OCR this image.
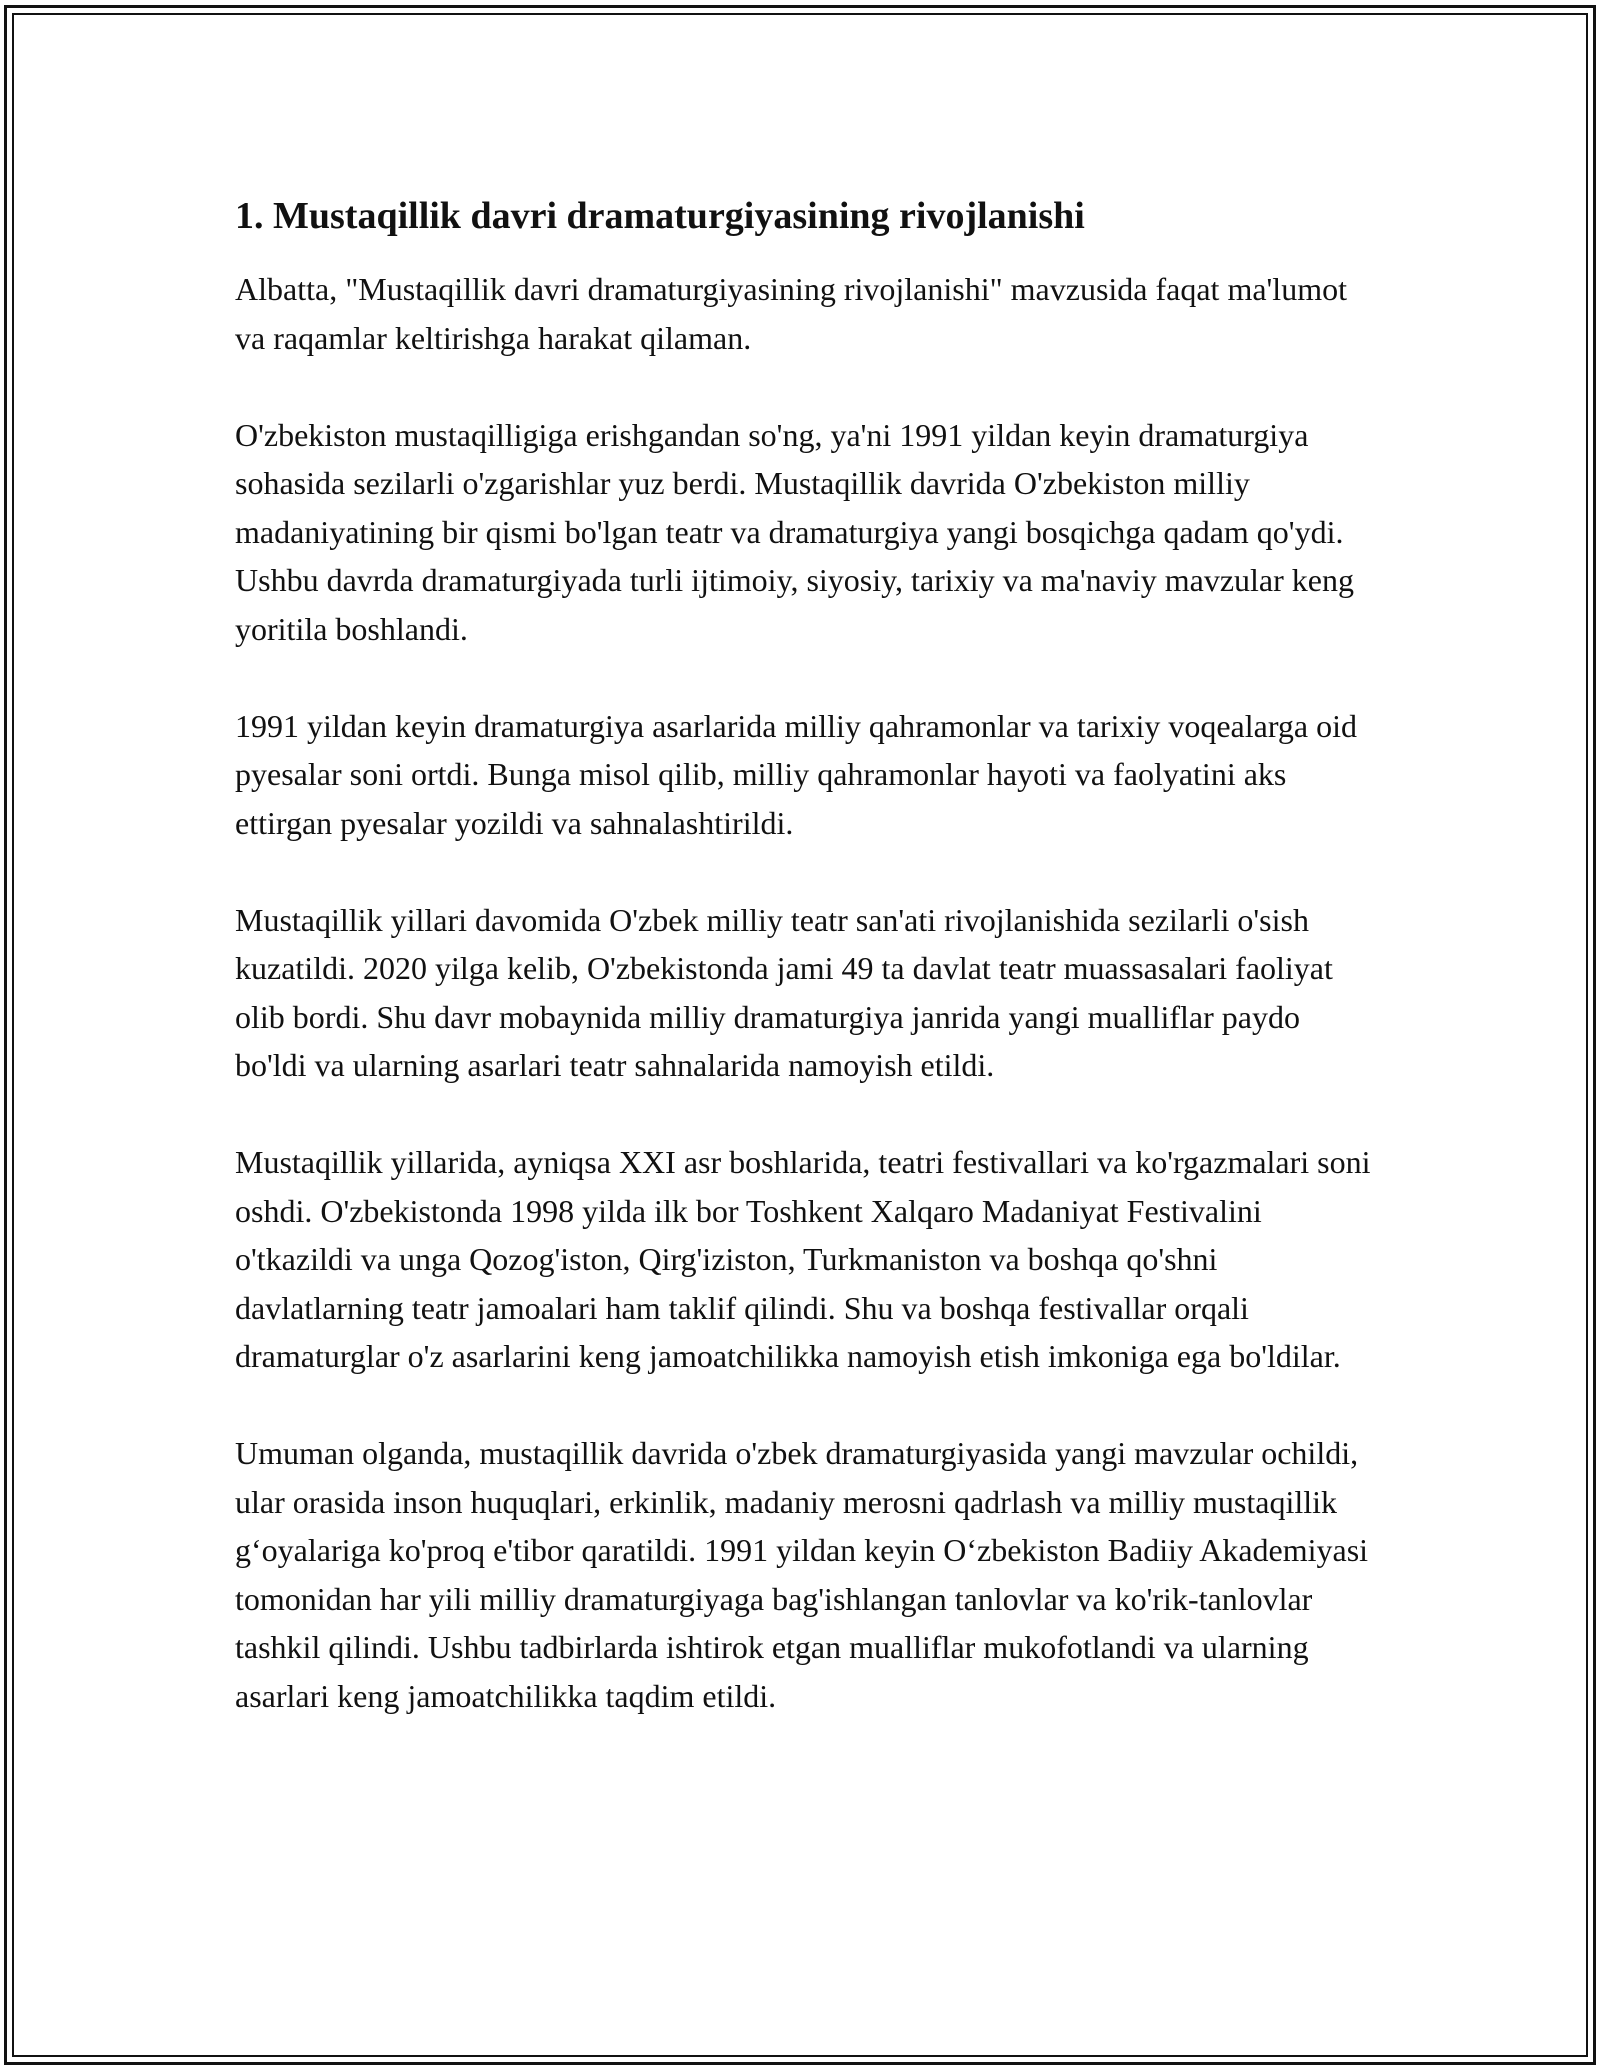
1. Mustaqillik davri dramaturgiyasining rivojlanishi

Albatta, "Mustaqillik davri dramaturgiyasining rivojlanishi" mavzusida faqat ma'lumot va raqamlar keltirishga harakat qilaman.

O'zbekiston mustaqilligiga erishgandan so'ng, ya'ni 1991 yildan keyin dramaturgiya sohasida sezilarli o'zgarishlar yuz berdi. Mustaqillik davrida O'zbekiston milliy madaniyatining bir qismi bo'lgan teatr va dramaturgiya yangi bosqichga qadam qo'ydi. Ushbu davrda dramaturgiyada turli ijtimoiy, siyosiy, tarixiy va ma'naviy mavzular keng yoritila boshlandi.

1991 yildan keyin dramaturgiya asarlarida milliy qahramonlar va tarixiy voqealarga oid pyesalar soni ortdi. Bunga misol qilib, milliy qahramonlar hayoti va faolyatini aks ettirgan pyesalar yozildi va sahnalashtirildi.

Mustaqillik yillari davomida O'zbek milliy teatr san'ati rivojlanishida sezilarli o'sish kuzatildi. 2020 yilga kelib, O'zbekistonda jami 49 ta davlat teatr muassasalari faoliyat olib bordi. Shu davr mobaynida milliy dramaturgiya janrida yangi mualliflar paydo bo'ldi va ularning asarlari teatr sahnalarida namoyish etildi.

Mustaqillik yillarida, ayniqsa XXI asr boshlarida, teatri festivallari va ko'rgazmalari soni oshdi. O'zbekistonda 1998 yilda ilk bor Toshkent Xalqaro Madaniyat Festivalini o'tkazildi va unga Qozog'iston, Qirg'iziston, Turkmaniston va boshqa qo'shni davlatlarning teatr jamoalari ham taklif qilindi. Shu va boshqa festivallar orqali dramaturglar o'z asarlarini keng jamoatchilikka namoyish etish imkoniga ega bo'ldilar.

Umuman olganda, mustaqillik davrida o'zbek dramaturgiyasida yangi mavzular ochildi, ular orasida inson huquqlari, erkinlik, madaniy merosni qadrlash va milliy mustaqillik g‘oyalariga ko'proq e'tibor qaratildi. 1991 yildan keyin O‘zbekiston Badiiy Akademiyasi tomonidan har yili milliy dramaturgiyaga bag'ishlangan tanlovlar va ko'rik-tanlovlar tashkil qilindi. Ushbu tadbirlarda ishtirok etgan mualliflar mukofotlandi va ularning asarlari keng jamoatchilikka taqdim etildi.
